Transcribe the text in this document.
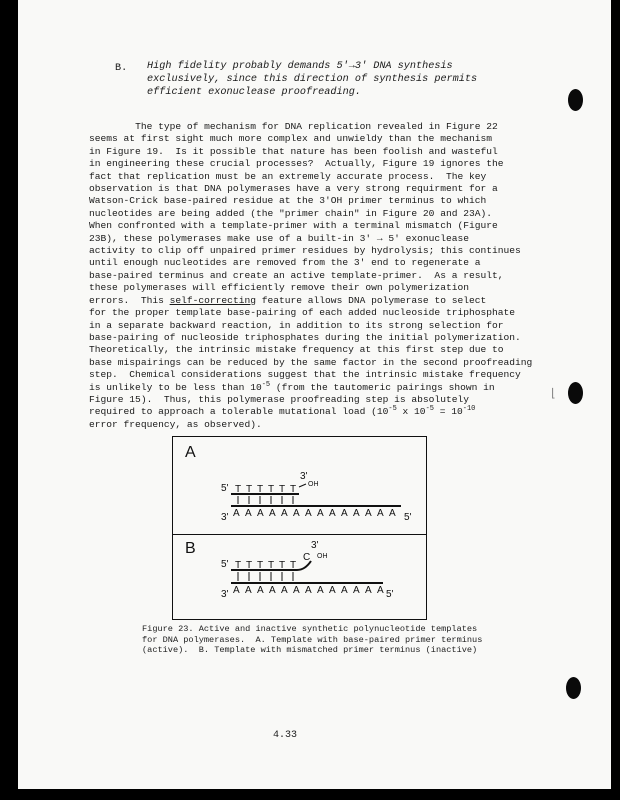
B. High fidelity probably demands 5'→3' DNA synthesis exclusively, since this direction of synthesis permits efficient exonuclease proofreading.

The type of mechanism for DNA replication revealed in Figure 22

seems at first sight much more complex and unwieldy than the mechanism

in Figure 19.  Is it possible that nature has been foolish and wasteful

in engineering these crucial processes?  Actually, Figure 19 ignores the

fact that replication must be an extremely accurate process.  The key

observation is that DNA polymerases have a very strong requirment for a

Watson-Crick base-paired residue at the 3'OH primer terminus to which

nucleotides are being added (the "primer chain" in Figure 20 and 23A).

When confronted with a template-primer with a terminal mismatch (Figure

23B), these polymerases make use of a built-in 3' → 5' exonuclease

activity to clip off unpaired primer residues by hydrolysis; this continues

until enough nucleotides are removed from the 3' end to regenerate a

base-paired terminus and create an active template-primer.  As a result,

these polymerases will efficiently remove their own polymerization

errors.  This self-correcting feature allows DNA polymerase to select

for the proper template base-pairing of each added nucleoside triphosphate

in a separate backward reaction, in addition to its strong selection for

base-pairing of nucleoside triphosphates during the initial polymerization.

Theoretically, the intrinsic mistake frequency at this first step due to

base mispairings can be reduced by the same factor in the second proofreading

step.  Chemical considerations suggest that the intrinsic mistake frequency

is unlikely to be less than $10^{-5}$ (from the tautomeric pairings shown in

Figure 15).  Thus, this polymerase proofreading step is absolutely

required to approach a tolerable mutational load ($10^{-5}$ x $10^{-5} = 10^{-10}$

error frequency, as observed).

A
5'
3'
OH
T T T T T T
A A A A A A A A A A A A A A
3'	5'
B
5'
C
3'
OH
T T T T T T
A A A A A A A A A A A A A
3'	5'

Figure 23. Active and inactive synthetic polynucleotide templates

for DNA polymerases.  A. Template with base-paired primer terminus

(active).  B. Template with mismatched primer terminus (inactive)

4.33
⌊
